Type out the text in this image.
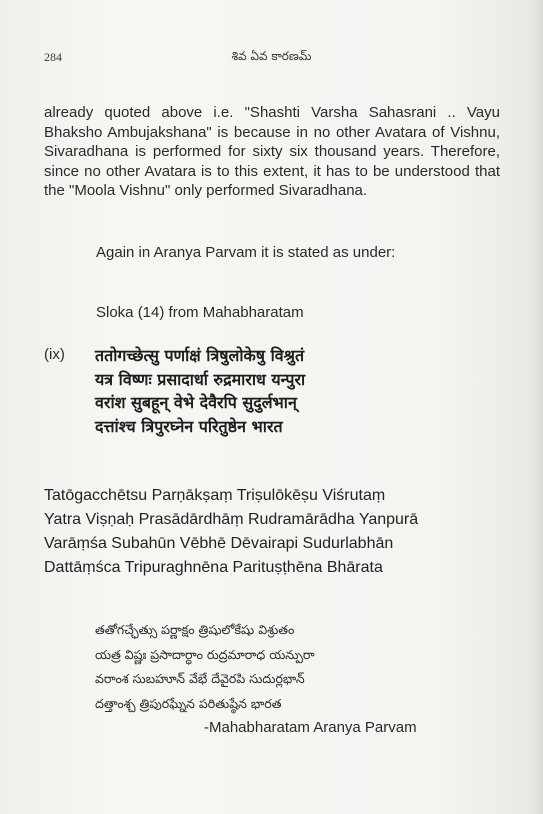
284	శివ ఏవ కారణమ్

already quoted above i.e. "Shashti Varsha Sahasrani .. Vayu Bhaksho Ambujakshana" is because in no other Avatara of Vishnu, Sivaradhana is performed for sixty six thousand years. Therefore, since no other Avatara is to this extent, it has to be understood that the "Moola Vishnu" only performed Sivaradhana.

Again in Aranya Parvam it is stated as under:

Sloka (14) from Mahabharatam

(ix) ततोगच्छेत्सु पर्णाक्षं त्रिषुलोकेषु विश्रुतं
यत्र विष्णः प्रसादार्धा रुद्रमाराध यन्पुरा
वरांश सुबहून् वेभे देवैरपि सुदुर्लभान्
दत्तांश्च त्रिपुरघ्नेन परितुष्ठेन भारत
Tatōgacchētsu Parṇākṣaṃ Triṣulōkēṣu Viśrutaṃ
Yatra Viṣṇaḥ Prasādārdhāṃ Rudramārādha Yanpurā
Varāṃśa Subahūn Vēbhē Dēvairapi Sudurlabhān
Dattāṃśca Tripuraghnēna Parituṣṭhēna Bhārata
తతోగచ్ఛేత్సు పర్ణాక్షం త్రిషులోకేషు విశ్రుతం
యత్ర విష్ణః ప్రసాదార్ధాం రుద్రమారాధ యన్పురా
వరాంశ సుబహూన్ వేభే దేవైరపి సుదుర్లభాన్
దత్తాంశ్చ త్రిపురఘ్నేన పరితుష్ఠేన భారత
-Mahabharatam Aranya Parvam
